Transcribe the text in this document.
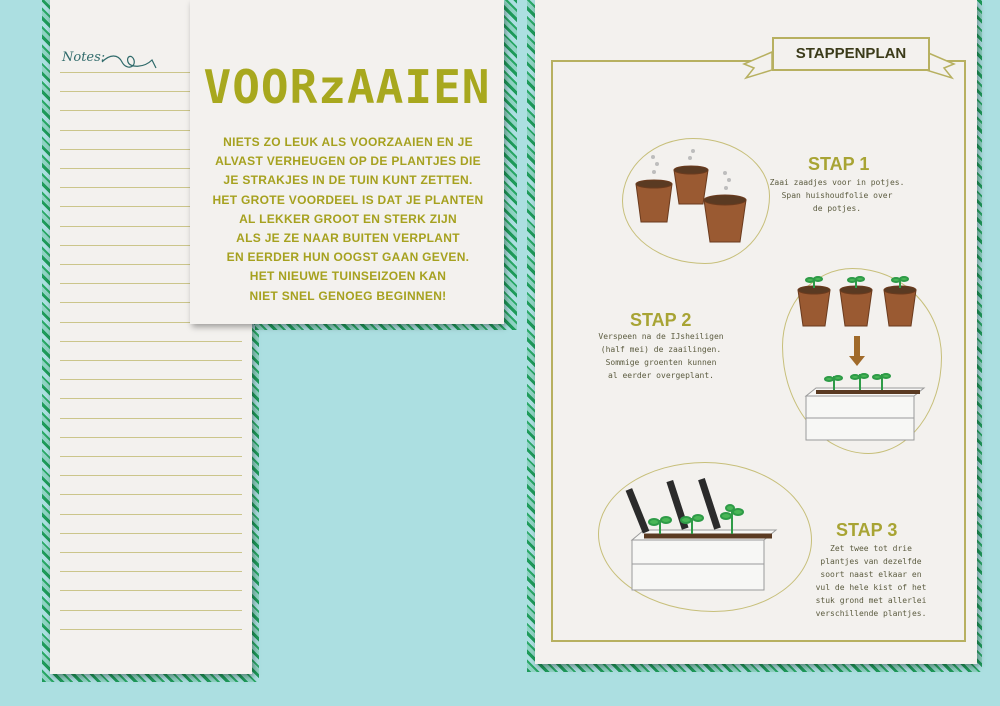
Notes:
VOORzAAIEN
NIETS ZO LEUK ALS VOORZAAIEN EN JE
ALVAST VERHEUGEN OP DE PLANTJES DIE
JE STRAKJES IN DE TUIN KUNT ZETTEN.
HET GROTE VOORDEEL IS DAT JE PLANTEN
AL LEKKER GROOT EN STERK ZIJN
ALS JE ZE NAAR BUITEN VERPLANT
EN EERDER HUN OOGST GAAN GEVEN.
HET NIEUWE TUINSEIZOEN KAN
NIET SNEL GENOEG BEGINNEN!
STAPPENPLAN
STAP 1
Zaai zaadjes voor in potjes.
Span huishoudfolie over
de potjes.
STAP 2
Verspeen na de IJsheiligen
(half mei) de zaailingen.
Sommige groenten kunnen
al eerder overgeplant.
STAP 3
Zet twee tot drie
plantjes van dezelfde
soort naast elkaar en
vul de hele kist of het
stuk grond met allerlei
verschillende plantjes.
